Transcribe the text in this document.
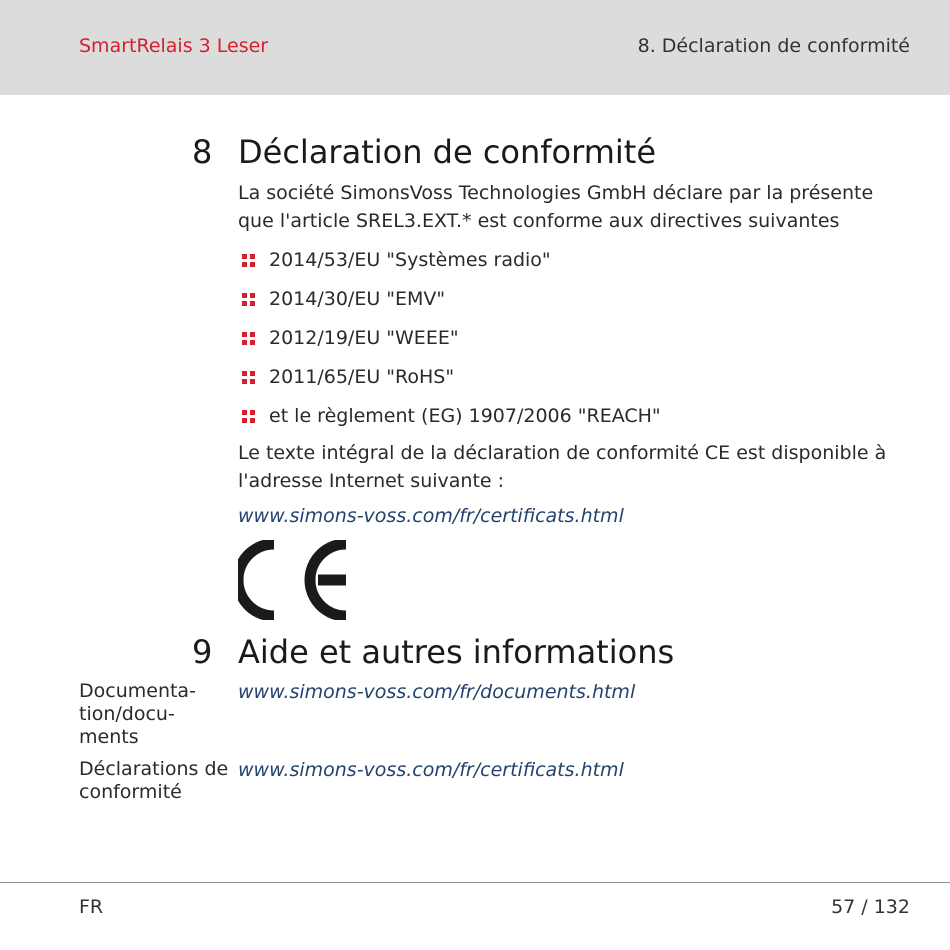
SmartRelais 3 Leser	8. Déclaration de conformité
8 Déclaration de conformité
La société SimonsVoss Technologies GmbH déclare par la présente que l'article SREL3.EXT.* est conforme aux directives suivantes
2014/53/EU "Systèmes radio"
2014/30/EU "EMV"
2012/19/EU "WEEE"
2011/65/EU "RoHS"
et le règlement (EG) 1907/2006 "REACH"
Le texte intégral de la déclaration de conformité CE est disponible à l'adresse Internet suivante :
www.simons-voss.com/fr/certificats.html
9 Aide et autres informations
Documenta-tion/docu-ments
www.simons-voss.com/fr/documents.html
Déclarations de conformité
www.simons-voss.com/fr/certificats.html
FR	57 / 132
